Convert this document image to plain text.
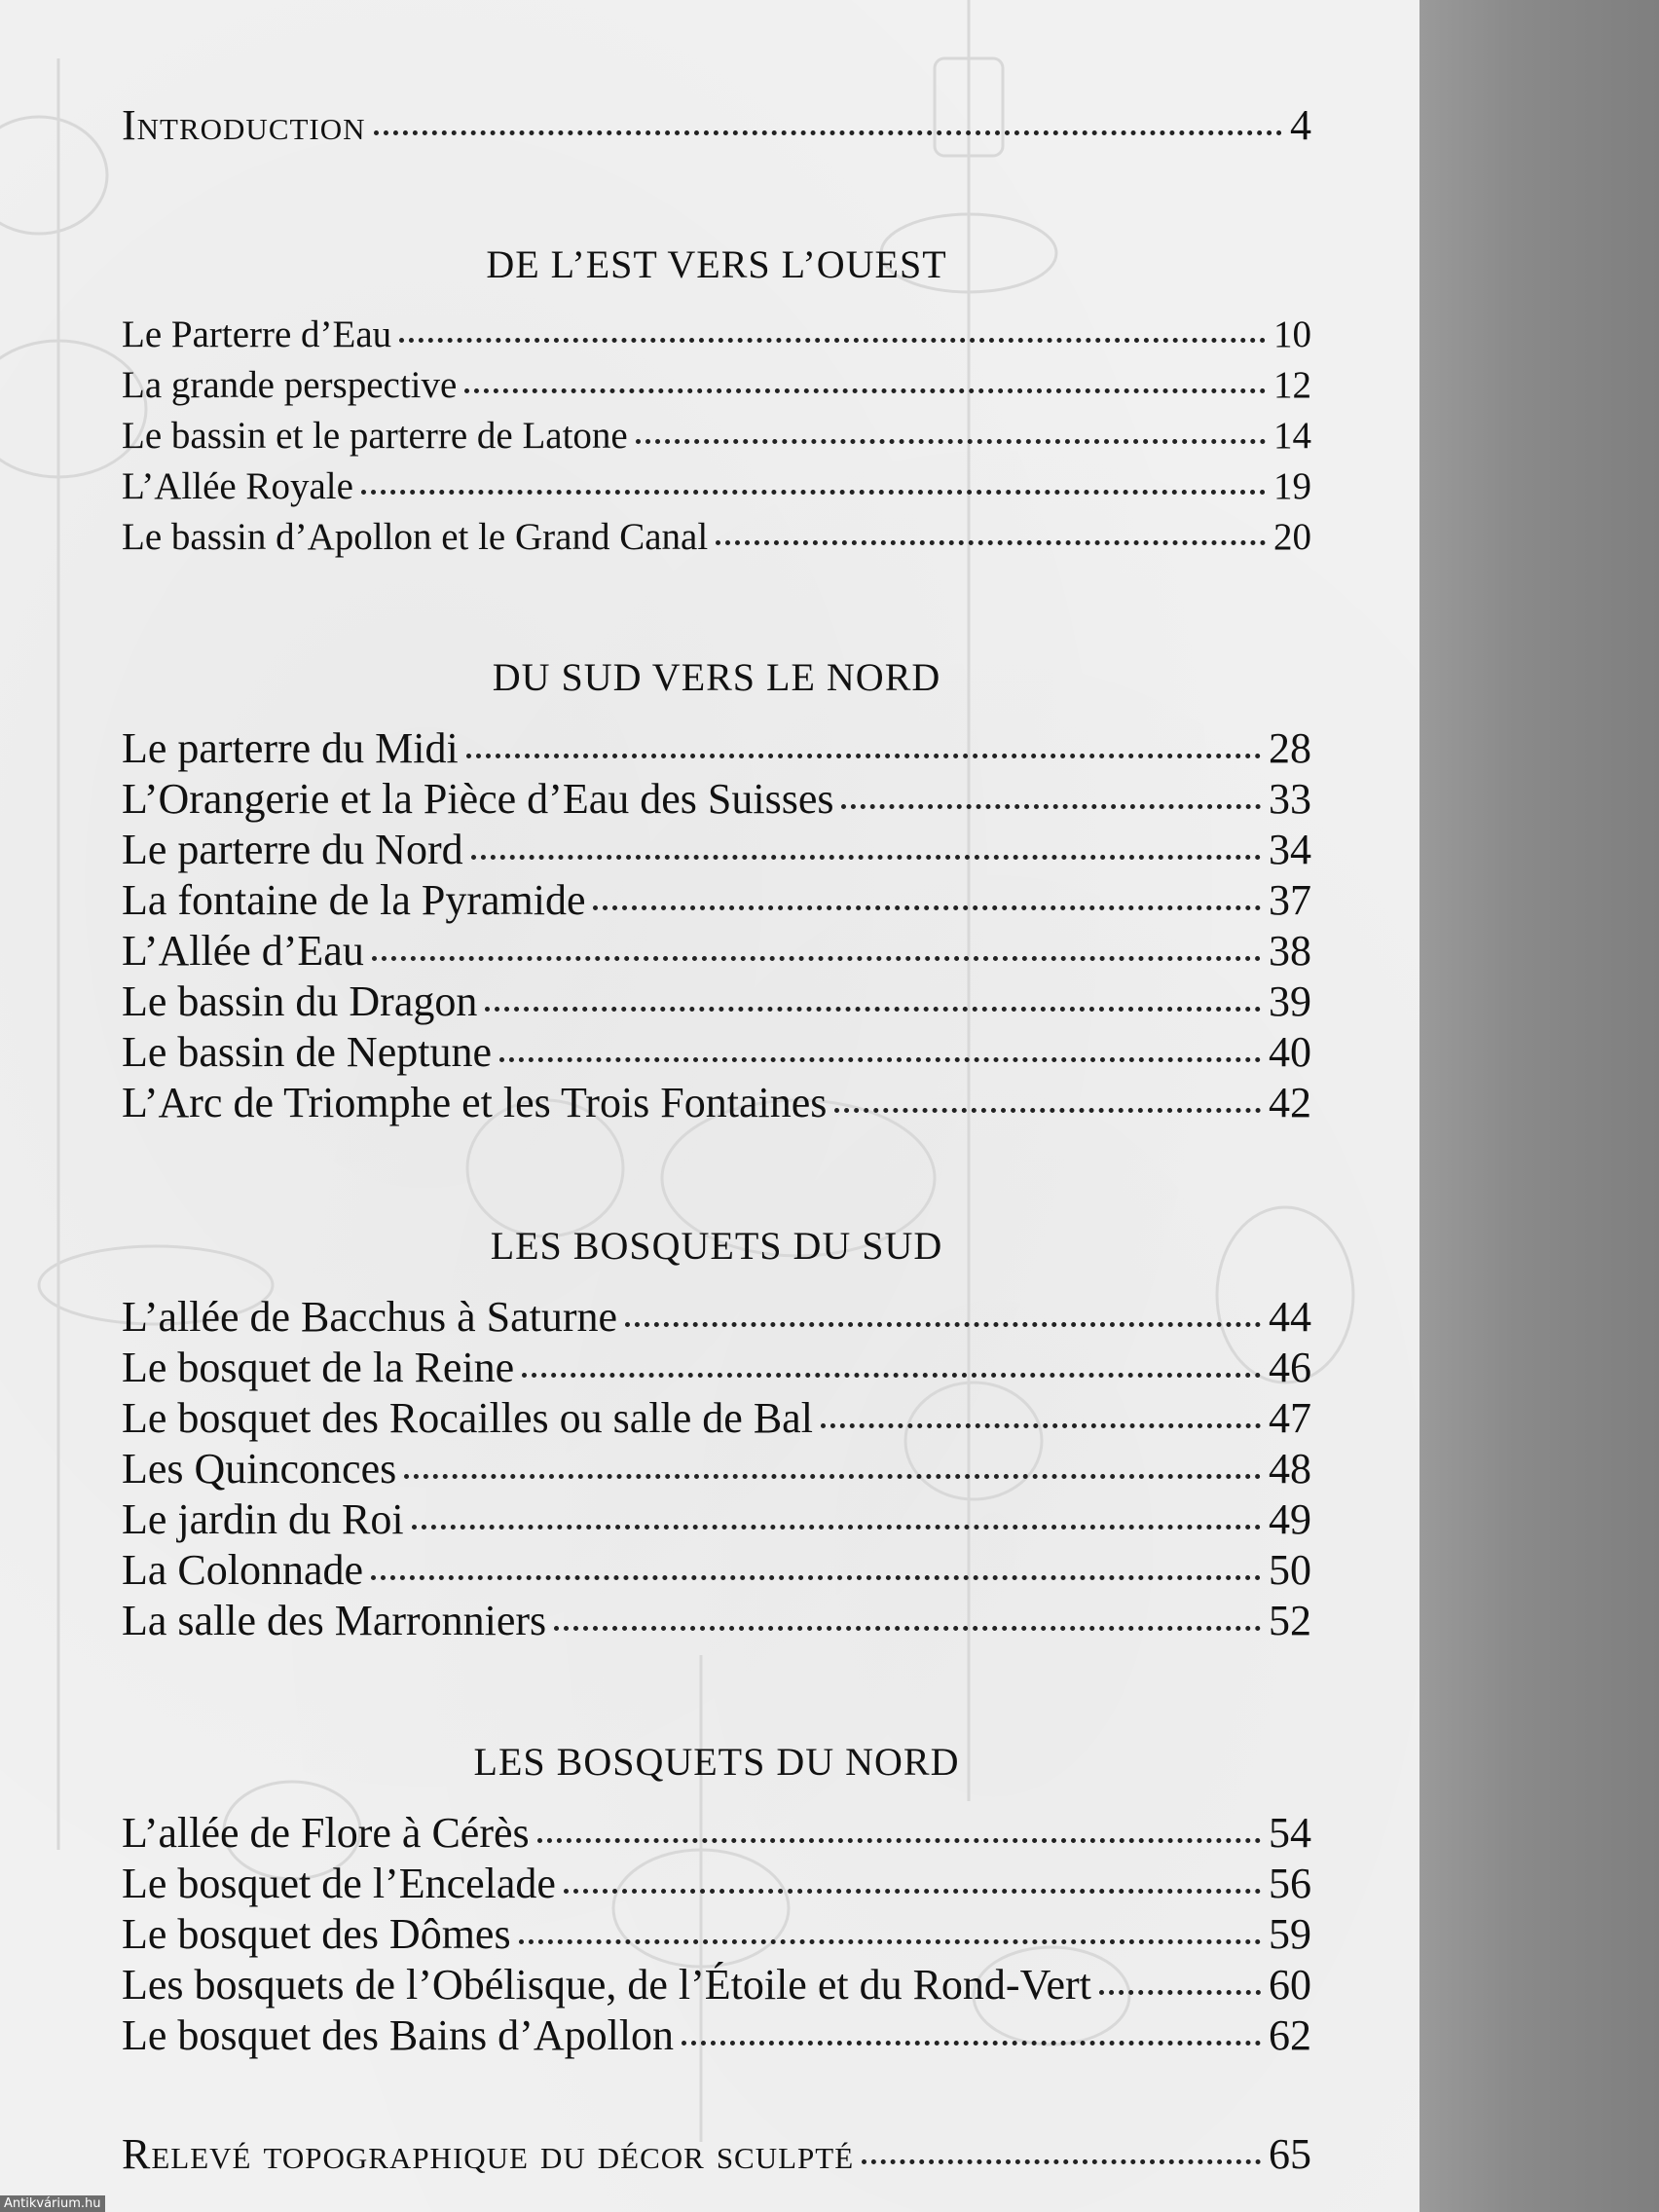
Introduction	4
DE L’EST VERS L’OUEST
Le Parterre d’Eau	10
La grande perspective	12
Le bassin et le parterre de Latone	14
L’Allée Royale	19
Le bassin d’Apollon et le Grand Canal	20
DU SUD VERS LE NORD
Le parterre du Midi	28
L’Orangerie et la Pièce d’Eau des Suisses	33
Le parterre du Nord	34
La fontaine de la Pyramide	37
L’Allée d’Eau	38
Le bassin du Dragon	39
Le bassin de Neptune	40
L’Arc de Triomphe et les Trois Fontaines	42
LES BOSQUETS DU SUD
L’allée de Bacchus à Saturne	44
Le bosquet de la Reine	46
Le bosquet des Rocailles ou salle de Bal	47
Les Quinconces	48
Le jardin du Roi	49
La Colonnade	50
La salle des Marronniers	52
LES BOSQUETS DU NORD
L’allée de Flore à Cérès	54
Le bosquet de l’Encelade	56
Le bosquet des Dômes	59
Les bosquets de l’Obélisque, de l’Étoile et du Rond-Vert	60
Le bosquet des Bains d’Apollon	62
Relevé topographique du décor sculpté	65
Antikvárium.hu
